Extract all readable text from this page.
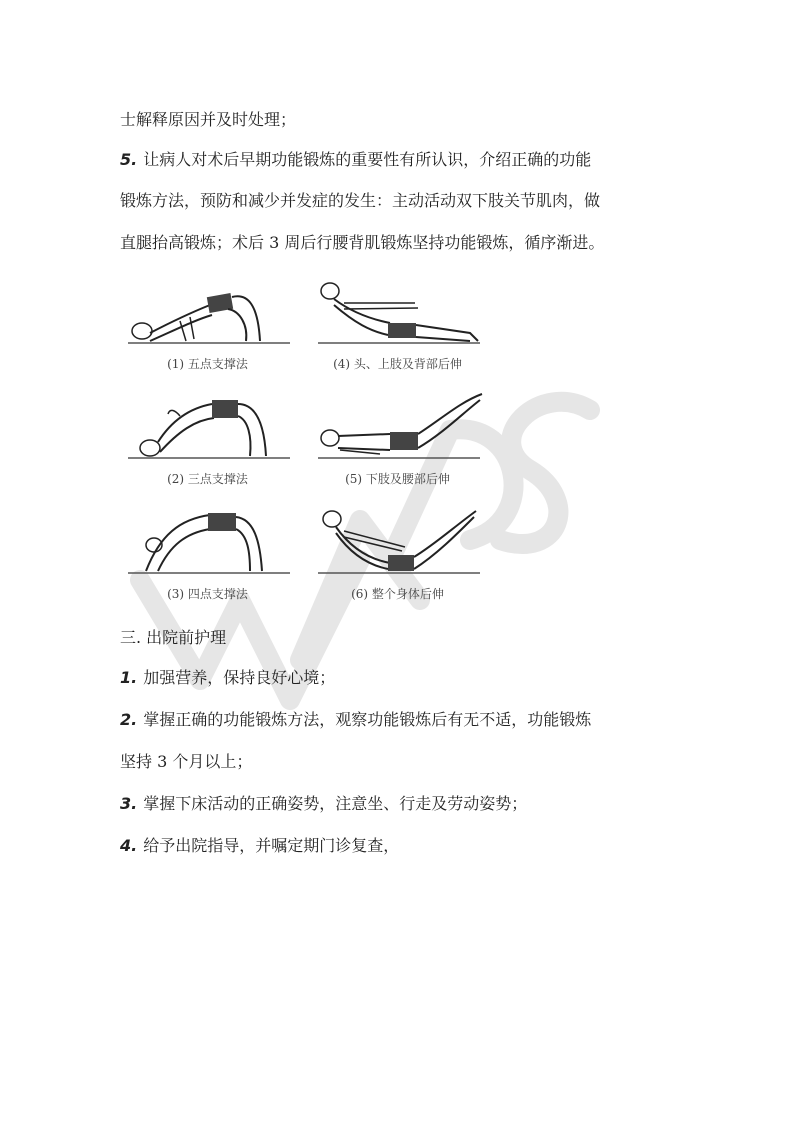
士解释原因并及时处理；
5. 让病人对术后早期功能锻炼的重要性有所认识，介绍正确的功能
锻炼方法，预防和减少并发症的发生：主动活动双下肢关节肌肉，做
直腿抬高锻炼；术后 3 周后行腰背肌锻炼坚持功能锻炼，循序渐进。
(1) 五点支撑法	(4) 头、上肢及背部后伸
(2) 三点支撑法	(5) 下肢及腰部后伸
(3) 四点支撑法	(6) 整个身体后伸
三. 出院前护理
1. 加强营养，保持良好心境；
2. 掌握正确的功能锻炼方法，观察功能锻炼后有无不适，功能锻炼
坚持 3 个月以上；
3. 掌握下床活动的正确姿势，注意坐、行走及劳动姿势；
4. 给予出院指导，并嘱定期门诊复查，
